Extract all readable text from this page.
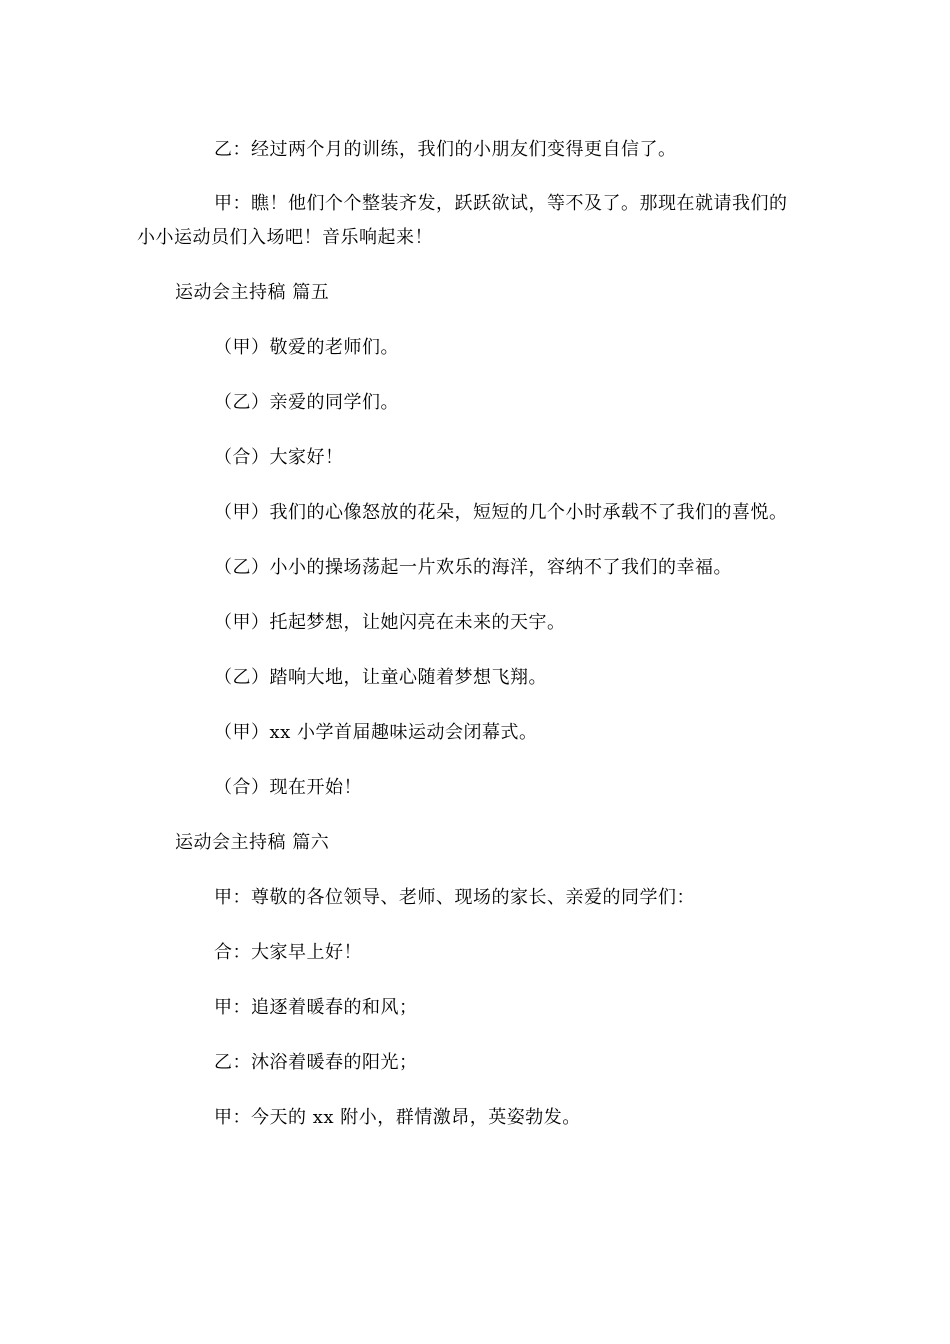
乙：经过两个月的训练，我们的小朋友们变得更自信了。
甲：瞧！他们个个整装齐发，跃跃欲试，等不及了。那现在就请我们的
小小运动员们入场吧！音乐响起来！
运动会主持稿 篇五
（甲）敬爱的老师们。
（乙）亲爱的同学们。
（合）大家好！
（甲）我们的心像怒放的花朵，短短的几个小时承载不了我们的喜悦。
（乙）小小的操场荡起一片欢乐的海洋，容纳不了我们的幸福。
（甲）托起梦想，让她闪亮在未来的天宇。
（乙）踏响大地，让童心随着梦想飞翔。
（甲）xx 小学首届趣味运动会闭幕式。
（合）现在开始！
运动会主持稿 篇六
甲：尊敬的各位领导、老师、现场的家长、亲爱的同学们：
合：大家早上好！
甲：追逐着暖春的和风；
乙：沐浴着暖春的阳光；
甲：今天的 xx 附小，群情激昂，英姿勃发。
